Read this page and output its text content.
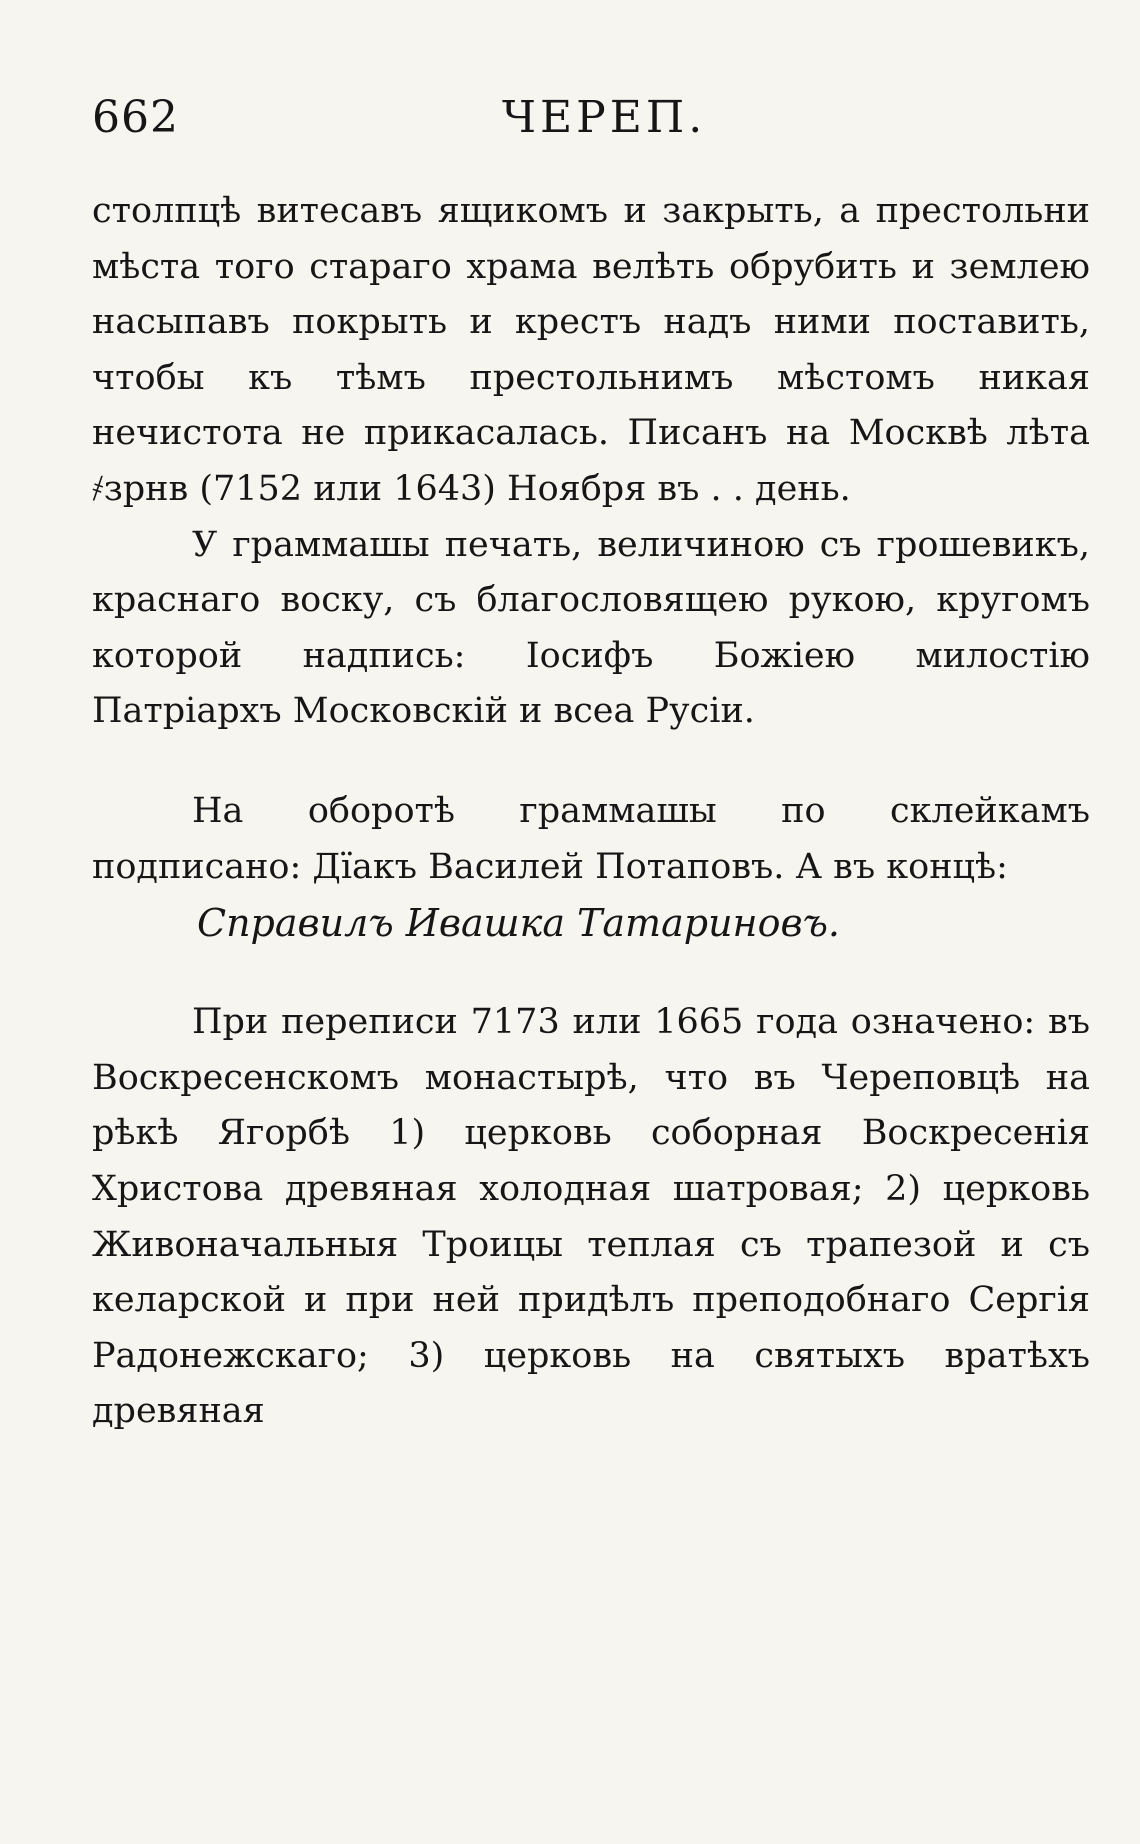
662	ЧЕРЕП.

столпцѣ витесавъ ящикомъ и закрыть, а престольни мѣста того стараго храма велѣть обрубить и землею насыпавъ покрыть и крестъ надъ ними поставить, чтобы къ тѣмъ престольнимъ мѣстомъ никая нечистота не прикасалась. Писанъ на Москвѣ лѣта ҂зрнв (7152 или 1643) Ноября въ . . день.

У граммашы печать, величиною съ грошевикъ, краснаго воску, съ благословящею рукою, кругомъ которой надпись: Іосифъ Божіею милостію Патріархъ Московскій и всеа Русіи.

На оборотѣ граммашы по склейкамъ подписано: Дїакъ Василей Потаповъ. А въ концѣ:

Справилъ Ивашка Татариновъ.

При переписи 7173 или 1665 года означено: въ Воскресенскомъ монастырѣ, что въ Череповцѣ на рѣкѣ Ягорбѣ 1) церковь соборная Воскресенія Христова древяная холодная шатровая; 2) церковь Живоначальныя Троицы теплая съ трапезой и съ келарской и при ней придѣлъ преподобнаго Сергія Радонежскаго; 3) церковь на святыхъ вратѣхъ древяная
